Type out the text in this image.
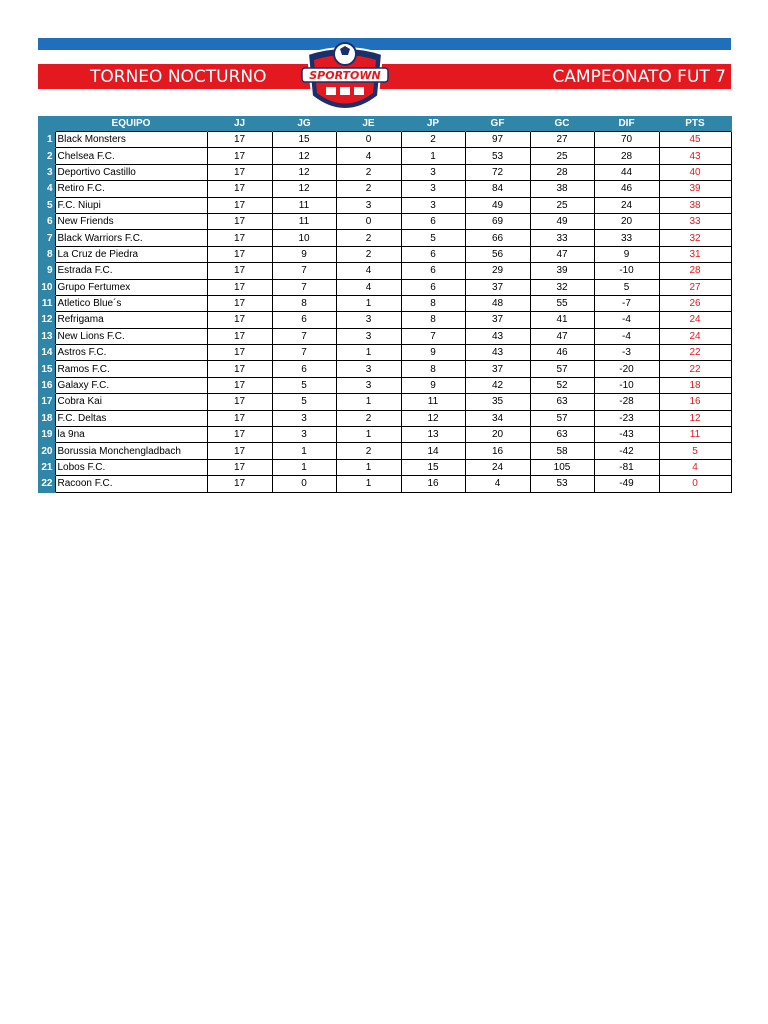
TORNEO NOCTURNO	CAMPEONATO FUT 7
SPORTOWN
	EQUIPO	JJ	JG	JE	JP	GF	GC	DIF	PTS
1	Black Monsters	17	15	0	2	97	27	70	45
2	Chelsea F.C.	17	12	4	1	53	25	28	43
3	Deportivo Castillo	17	12	2	3	72	28	44	40
4	Retiro F.C.	17	12	2	3	84	38	46	39
5	F.C. Niupi	17	11	3	3	49	25	24	38
6	New Friends	17	11	0	6	69	49	20	33
7	Black Warriors F.C.	17	10	2	5	66	33	33	32
8	La Cruz de Piedra	17	9	2	6	56	47	9	31
9	Estrada F.C.	17	7	4	6	29	39	-10	28
10	Grupo Fertumex	17	7	4	6	37	32	5	27
11	Atletico Blue´s	17	8	1	8	48	55	-7	26
12	Refrigama	17	6	3	8	37	41	-4	24
13	New Lions F.C.	17	7	3	7	43	47	-4	24
14	Astros F.C.	17	7	1	9	43	46	-3	22
15	Ramos F.C.	17	6	3	8	37	57	-20	22
16	Galaxy F.C.	17	5	3	9	42	52	-10	18
17	Cobra Kai	17	5	1	11	35	63	-28	16
18	F.C. Deltas	17	3	2	12	34	57	-23	12
19	la 9na	17	3	1	13	20	63	-43	11
20	Borussia Monchengladbach	17	1	2	14	16	58	-42	5
21	Lobos F.C.	17	1	1	15	24	105	-81	4
22	Racoon F.C.	17	0	1	16	4	53	-49	0
